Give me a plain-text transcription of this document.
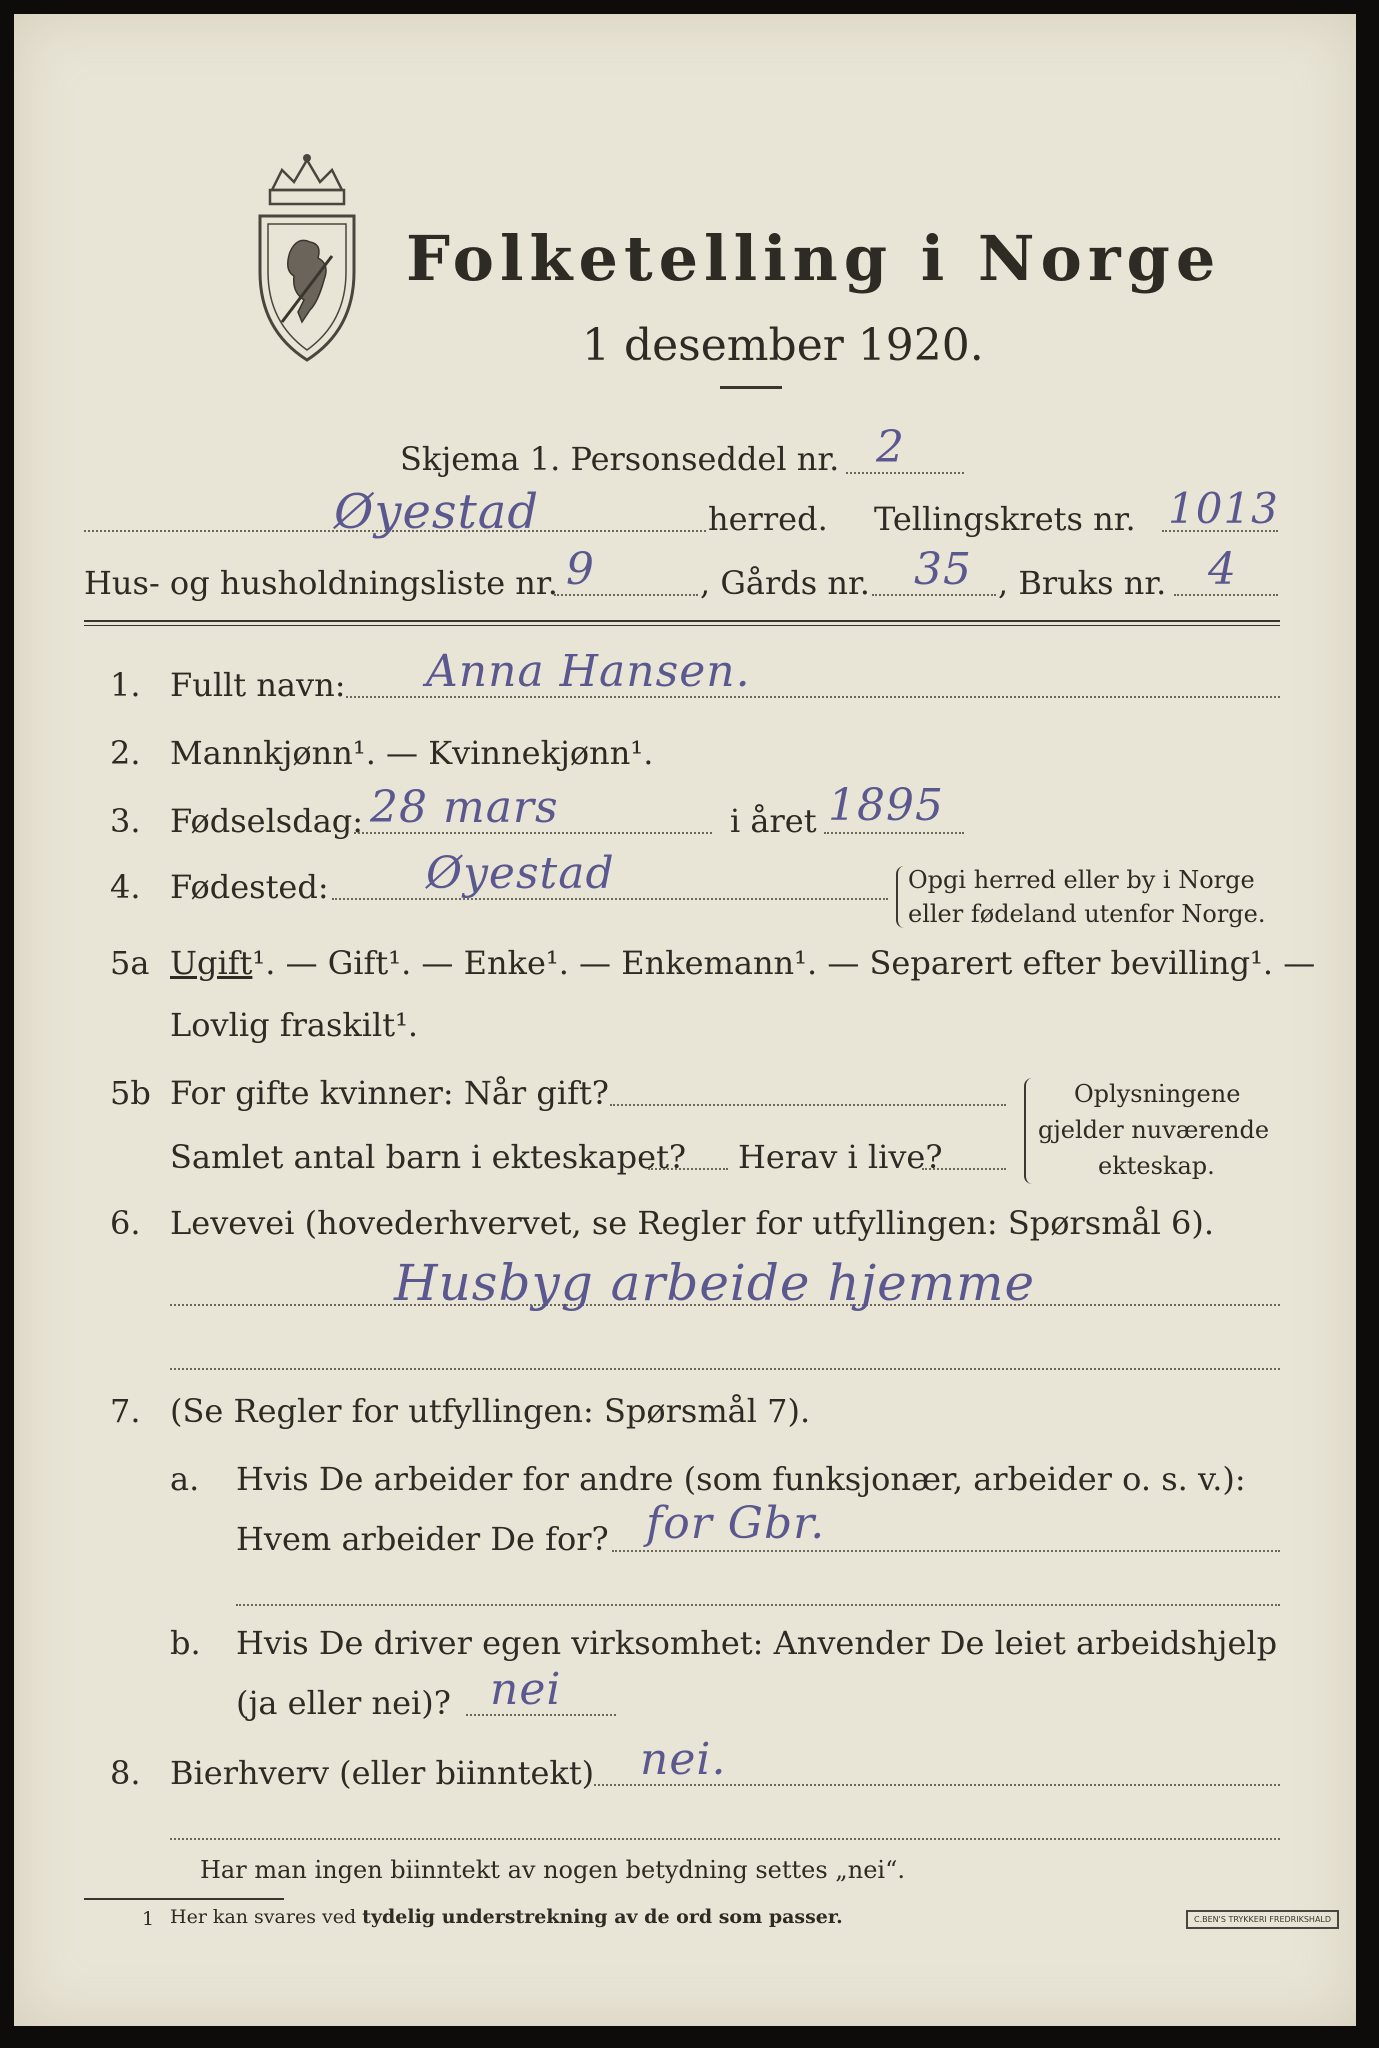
Folketelling i Norge
1 desember 1920.
Skjema 1. Personseddel nr. 2
Øyestad	herred. Tellingskrets nr. 1013
Hus- og husholdningsliste nr. 9	, Gårds nr. 35 , Bruks nr. 4
1. Fullt navn: Anna Hansen.
2. Mannkjønn¹. — Kvinnekjønn¹.
3. Fødselsdag: 28 mars	i året 1895
4. Fødested: Øyestad	Opgi herred eller by i Norge
eller fødeland utenfor Norge.
5a Ugift¹. — Gift¹. — Enke¹. — Enkemann¹. — Separert efter bevilling¹. —
Lovlig fraskilt¹.
5b For gifte kvinner: Når gift?
Samlet antal barn i ekteskapet? Herav i live?
Oplysningene
gjelder nuværende
ekteskap.
6. Levevei (hovederhvervet, se Regler for utfyllingen: Spørsmål 6).
Husbyg arbeide hjemme
7. (Se Regler for utfyllingen: Spørsmål 7).
a. Hvis De arbeider for andre (som funksjonær, arbeider o. s. v.):
Hvem arbeider De for? for Gbr.
b. Hvis De driver egen virksomhet: Anvender De leiet arbeidshjelp
(ja eller nei)? nei
8. Bierhverv (eller biinntekt) nei.
Har man ingen biinntekt av nogen betydning settes „nei“.
1 Her kan svares ved tydelig understrekning av de ord som passer.	C.BEN'S TRYKKERI FREDRIKSHALD
